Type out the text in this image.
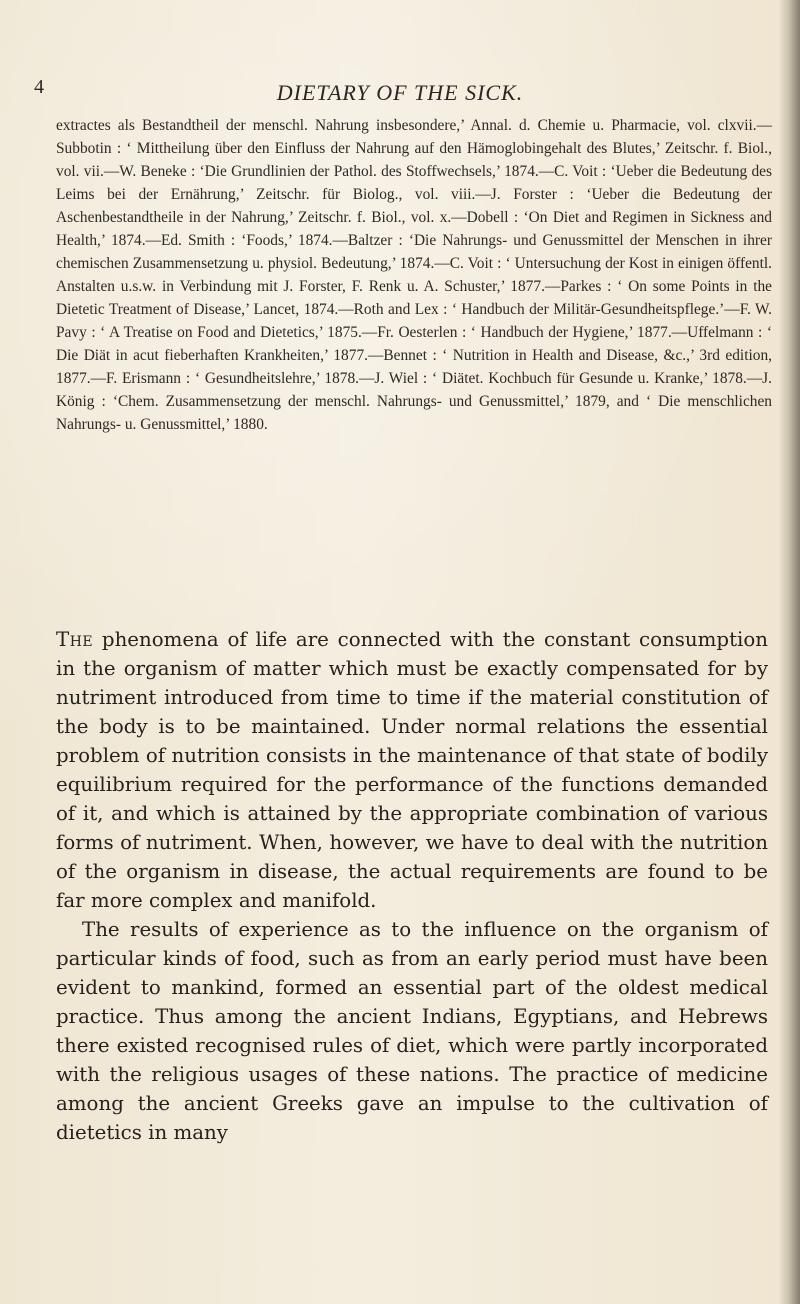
4	DIETARY OF THE SICK.
extractes als Bestandtheil der menschl. Nahrung insbesondere,’ Annal. d. Chemie u. Pharmacie, vol. clxvii.—Subbotin : ‘ Mittheilung über den Einfluss der Nahrung auf den Hämoglobingehalt des Blutes,’ Zeitschr. f. Biol., vol. vii.—W. Beneke : ‘Die Grundlinien der Pathol. des Stoffwechsels,’ 1874.—C. Voit : ‘Ueber die Bedeutung des Leims bei der Ernährung,’ Zeitschr. für Biolog., vol. viii.—J. Forster : ‘Ueber die Bedeutung der Aschenbestandtheile in der Nahrung,’ Zeitschr. f. Biol., vol. x.—Dobell : ‘On Diet and Regimen in Sickness and Health,’ 1874.—Ed. Smith : ‘Foods,’ 1874.—Baltzer : ‘Die Nahrungs- und Genussmittel der Menschen in ihrer chemischen Zusammensetzung u. physiol. Bedeutung,’ 1874.—C. Voit : ‘ Untersuchung der Kost in einigen öffentl. Anstalten u.s.w. in Verbindung mit J. Forster, F. Renk u. A. Schuster,’ 1877.—Parkes : ‘ On some Points in the Dietetic Treatment of Disease,’ Lancet, 1874.—Roth and Lex : ‘ Handbuch der Militär-Gesundheitspflege.’—F. W. Pavy : ‘ A Treatise on Food and Dietetics,’ 1875.—Fr. Oesterlen : ‘ Handbuch der Hygiene,’ 1877.—Uffelmann : ‘ Die Diät in acut fieberhaften Krankheiten,’ 1877.—Bennet : ‘ Nutrition in Health and Disease, &c.,’ 3rd edition, 1877.—F. Erismann : ‘ Gesundheitslehre,’ 1878.—J. Wiel : ‘ Diätet. Kochbuch für Gesunde u. Kranke,’ 1878.—J. König : ‘Chem. Zusammensetzung der menschl. Nahrungs- und Genussmittel,’ 1879, and ‘ Die menschlichen Nahrungs- u. Genussmittel,’ 1880.

The phenomena of life are connected with the constant consumption in the organism of matter which must be exactly compensated for by nutriment introduced from time to time if the material constitution of the body is to be maintained. Under normal relations the essential problem of nutrition consists in the maintenance of that state of bodily equilibrium required for the performance of the functions demanded of it, and which is attained by the appropriate combination of various forms of nutriment. When, however, we have to deal with the nutrition of the organism in disease, the actual requirements are found to be far more complex and manifold.

The results of experience as to the influence on the organism of particular kinds of food, such as from an early period must have been evident to mankind, formed an essential part of the oldest medical practice. Thus among the ancient Indians, Egyptians, and Hebrews there existed recognised rules of diet, which were partly incorporated with the religious usages of these nations. The practice of medicine among the ancient Greeks gave an impulse to the cultivation of dietetics in many
